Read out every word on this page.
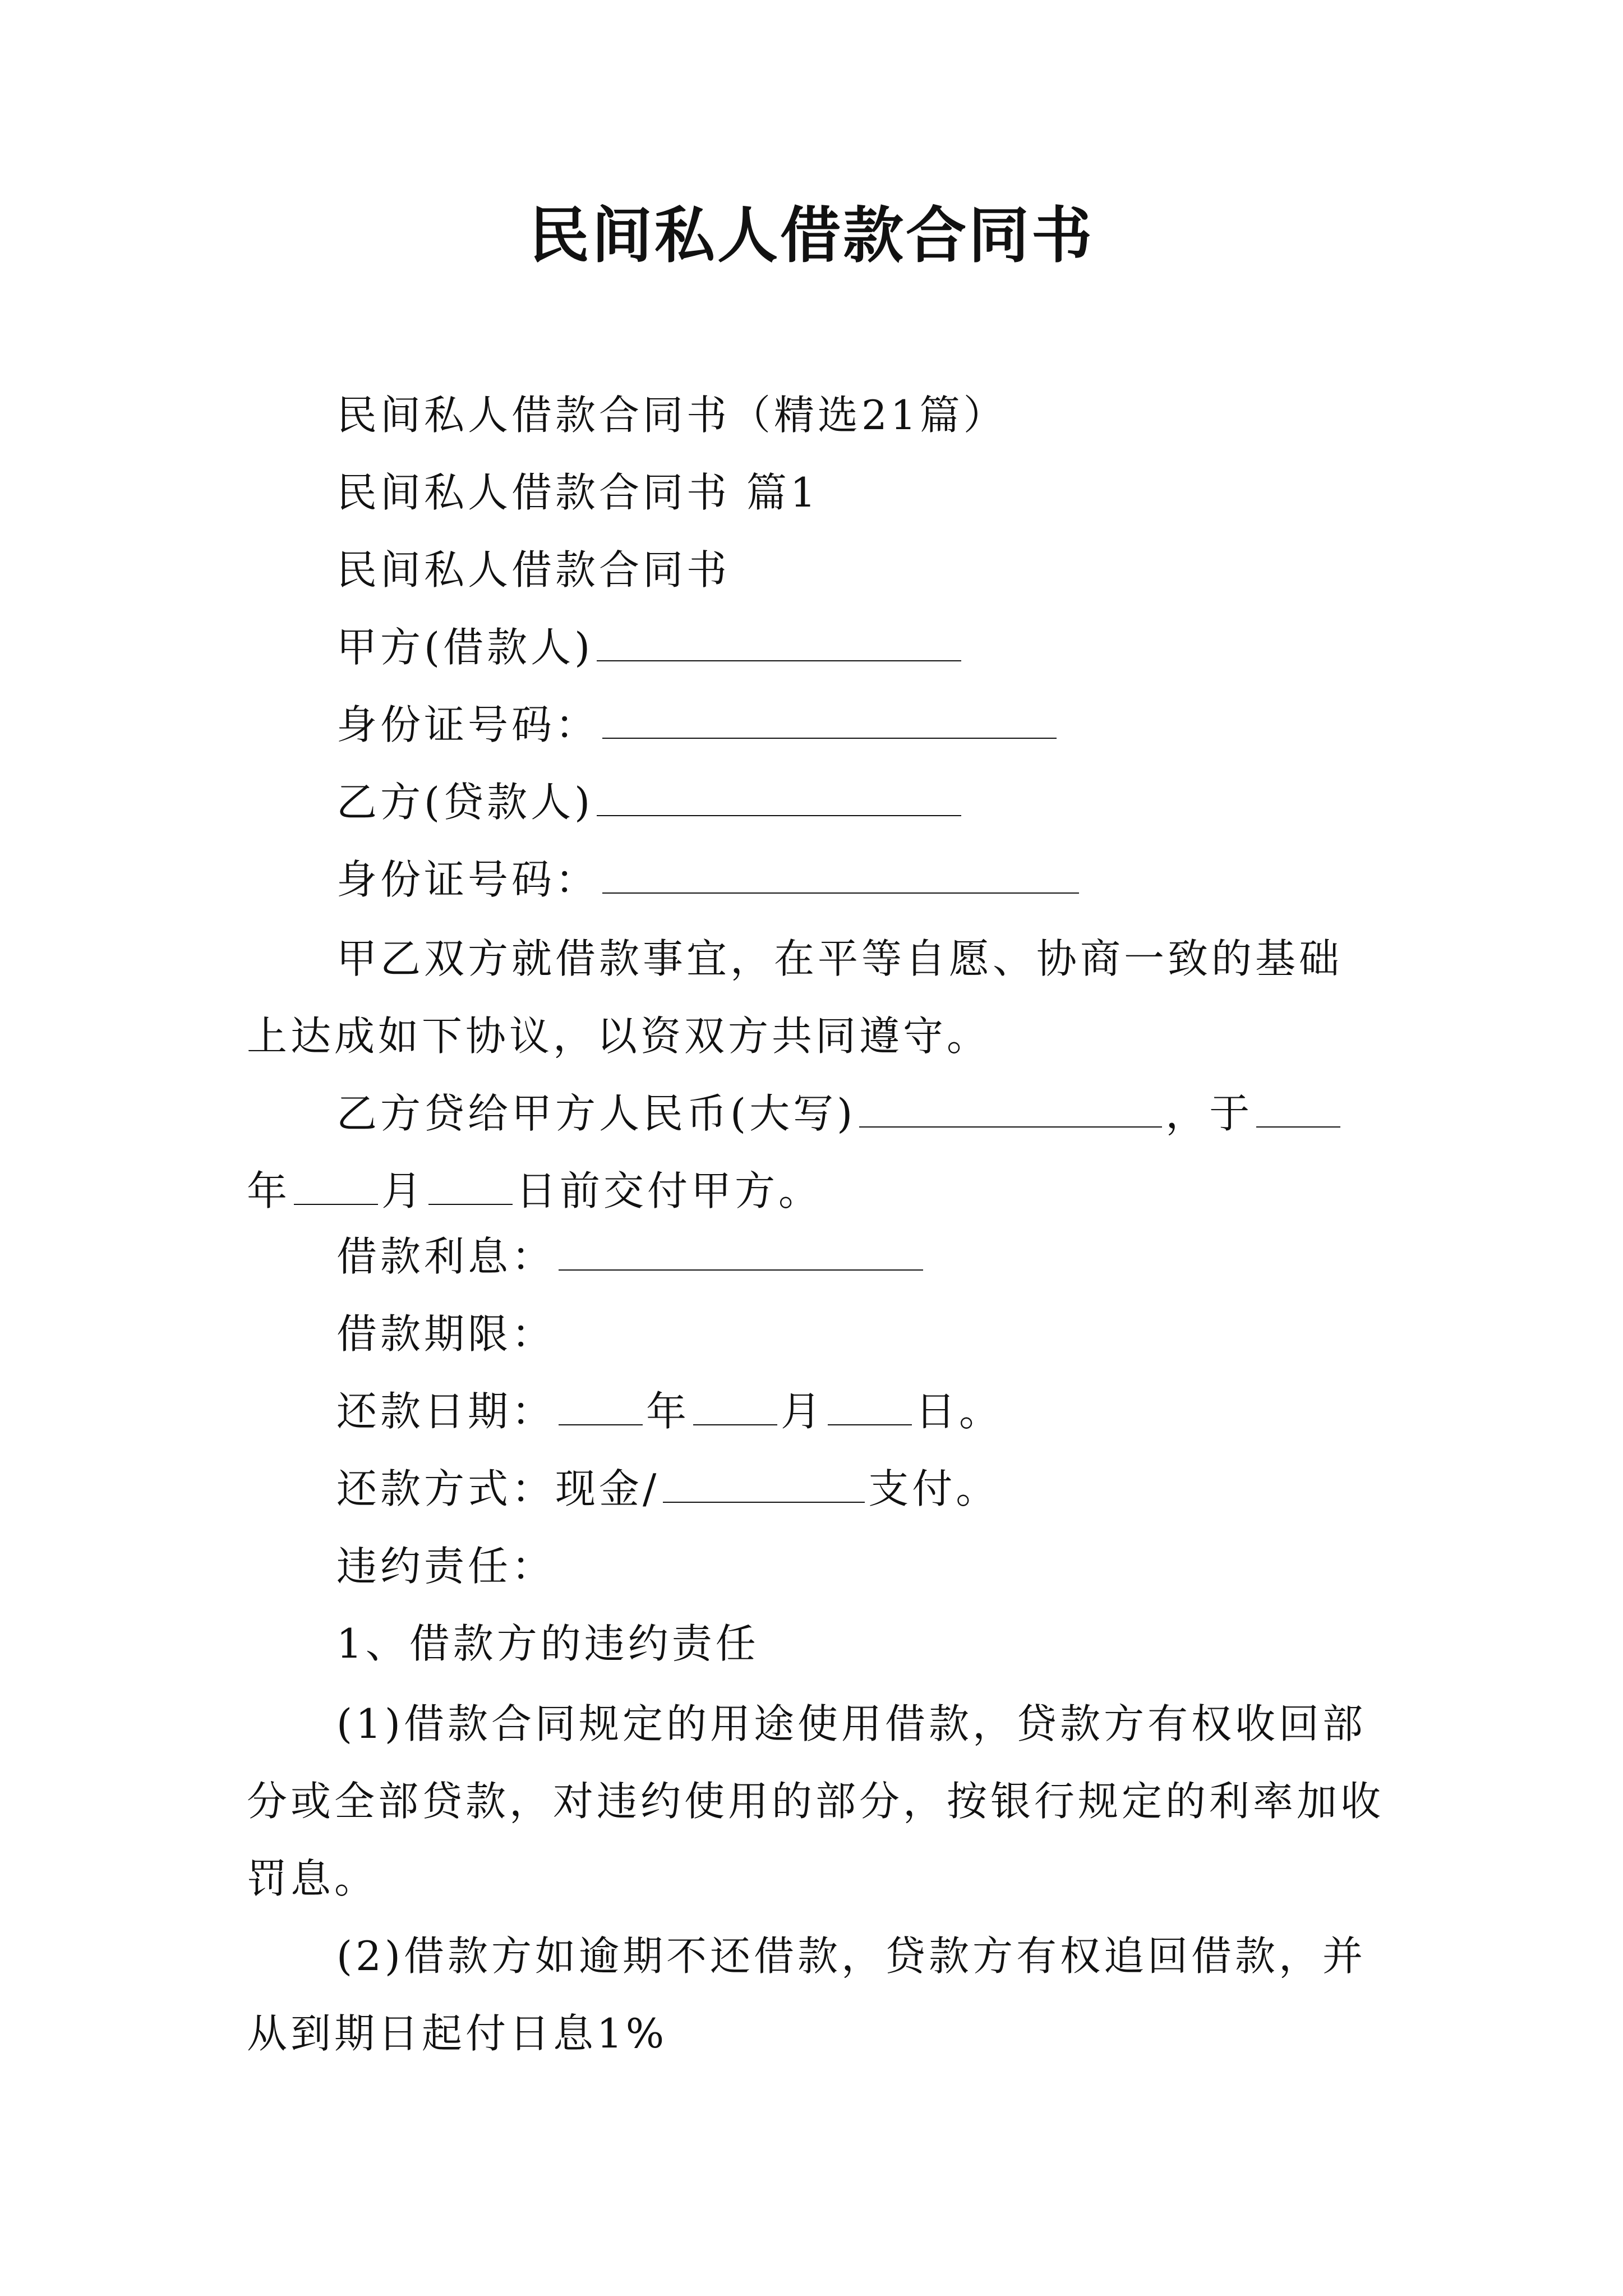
民间私人借款合同书
民间私人借款合同书（精选21篇）
民间私人借款合同书 篇1
民间私人借款合同书
甲方(借款人)
身份证号码：
乙方(贷款人)
身份证号码：
甲乙双方就借款事宜，在平等自愿、协商一致的基础上达成如下协议，以资双方共同遵守。
乙方贷给甲方人民币(大写)	，于年 月 日前交付甲方。
借款利息：
借款期限：
还款日期： 年 月 日。
还款方式：现金/	支付。
违约责任：
1、借款方的违约责任
(1)借款合同规定的用途使用借款，贷款方有权收回部分或全部贷款，对违约使用的部分，按银行规定的利率加收罚息。
(2)借款方如逾期不还借款，贷款方有权追回借款，并从到期日起付日息1%
